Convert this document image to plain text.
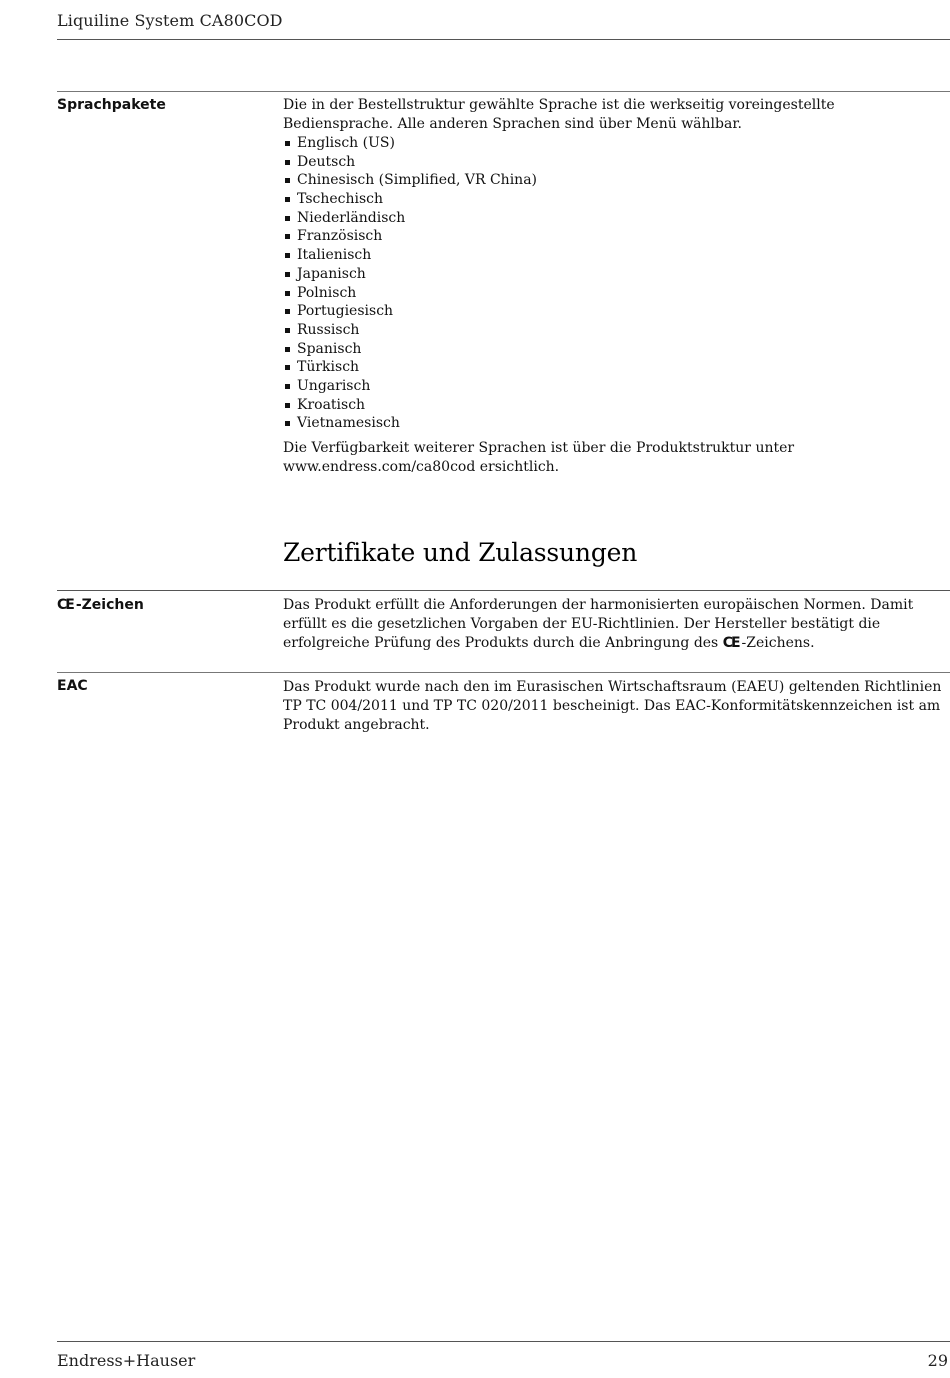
Liquiline System CA80COD
Sprachpakete	Die in der Bestellstruktur gewählte Sprache ist die werkseitig voreingestellte Bediensprache. Alle anderen Sprachen sind über Menü wählbar.
Englisch (US)
Deutsch
Chinesisch (Simplified, VR China)
Tschechisch
Niederländisch
Französisch
Italienisch
Japanisch
Polnisch
Portugiesisch
Russisch
Spanisch
Türkisch
Ungarisch
Kroatisch
Vietnamesisch
Die Verfügbarkeit weiterer Sprachen ist über die Produktstruktur unter www.endress.com/ca80cod ersichtlich.
Zertifikate und Zulassungen
CE -Zeichen	Das Produkt erfüllt die Anforderungen der harmonisierten europäischen Normen. Damit erfüllt es die gesetzlichen Vorgaben der EU-Richtlinien. Der Hersteller bestätigt die erfolgreiche Prüfung des Produkts durch die Anbringung des CE -Zeichens.
EAC	Das Produkt wurde nach den im Eurasischen Wirtschaftsraum (EAEU) geltenden Richtlinien TP TC 004/2011 und TP TC 020/2011 bescheinigt. Das EAC-Konformitätskennzeichen ist am Produkt angebracht.
Endress+Hauser	29
